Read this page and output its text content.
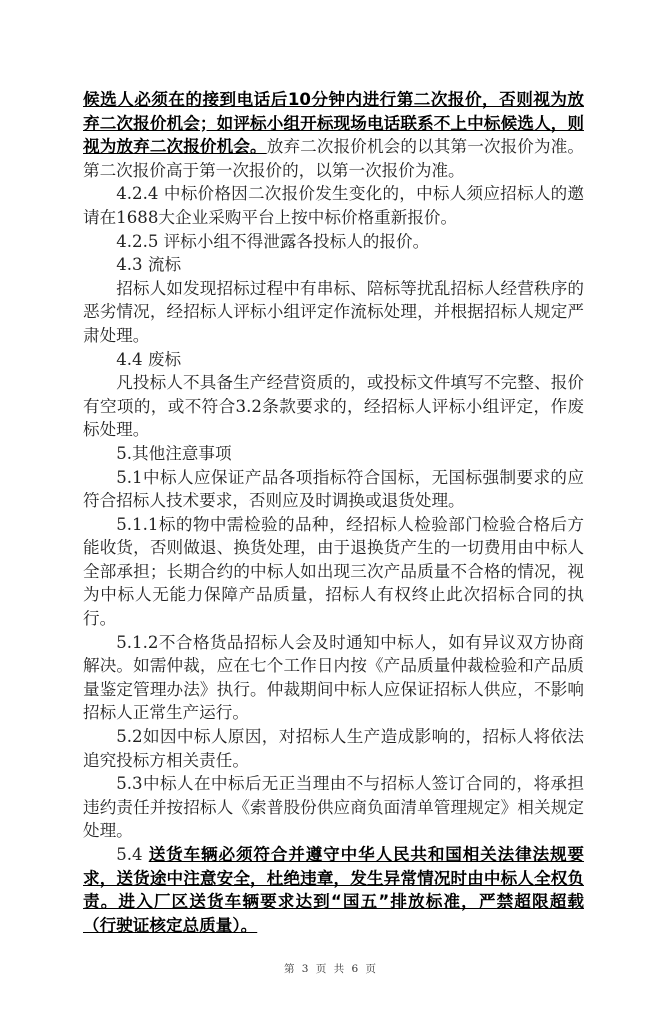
候选人必须在的接到电话后10分钟内进行第二次报价，否则视为放弃二次报价机会；如评标小组开标现场电话联系不上中标候选人，则视为放弃二次报价机会。放弃二次报价机会的以其第一次报价为准。第二次报价高于第一次报价的，以第一次报价为准。

4.2.4 中标价格因二次报价发生变化的，中标人须应招标人的邀请在1688大企业采购平台上按中标价格重新报价。

4.2.5 评标小组不得泄露各投标人的报价。

4.3 流标

招标人如发现招标过程中有串标、陪标等扰乱招标人经营秩序的恶劣情况，经招标人评标小组评定作流标处理，并根据招标人规定严肃处理。

4.4 废标

凡投标人不具备生产经营资质的，或投标文件填写不完整、报价有空项的，或不符合3.2条款要求的，经招标人评标小组评定，作废标处理。

5.其他注意事项

5.1中标人应保证产品各项指标符合国标，无国标强制要求的应符合招标人技术要求，否则应及时调换或退货处理。

5.1.1标的物中需检验的品种，经招标人检验部门检验合格后方能收货，否则做退、换货处理，由于退换货产生的一切费用由中标人全部承担；长期合约的中标人如出现三次产品质量不合格的情况，视为中标人无能力保障产品质量，招标人有权终止此次招标合同的执行。

5.1.2不合格货品招标人会及时通知中标人，如有异议双方协商解决。如需仲裁，应在七个工作日内按《产品质量仲裁检验和产品质量鉴定管理办法》执行。仲裁期间中标人应保证招标人供应，不影响招标人正常生产运行。

5.2如因中标人原因，对招标人生产造成影响的，招标人将依法追究投标方相关责任。

5.3中标人在中标后无正当理由不与招标人签订合同的，将承担违约责任并按招标人《索普股份供应商负面清单管理规定》相关规定处理。

5.4 送货车辆必须符合并遵守中华人民共和国相关法律法规要求，送货途中注意安全，杜绝违章，发生异常情况时由中标人全权负责。进入厂区送货车辆要求达到“国五”排放标准，严禁超限超载（行驶证核定总质量）。

第 3 页 共 6 页
